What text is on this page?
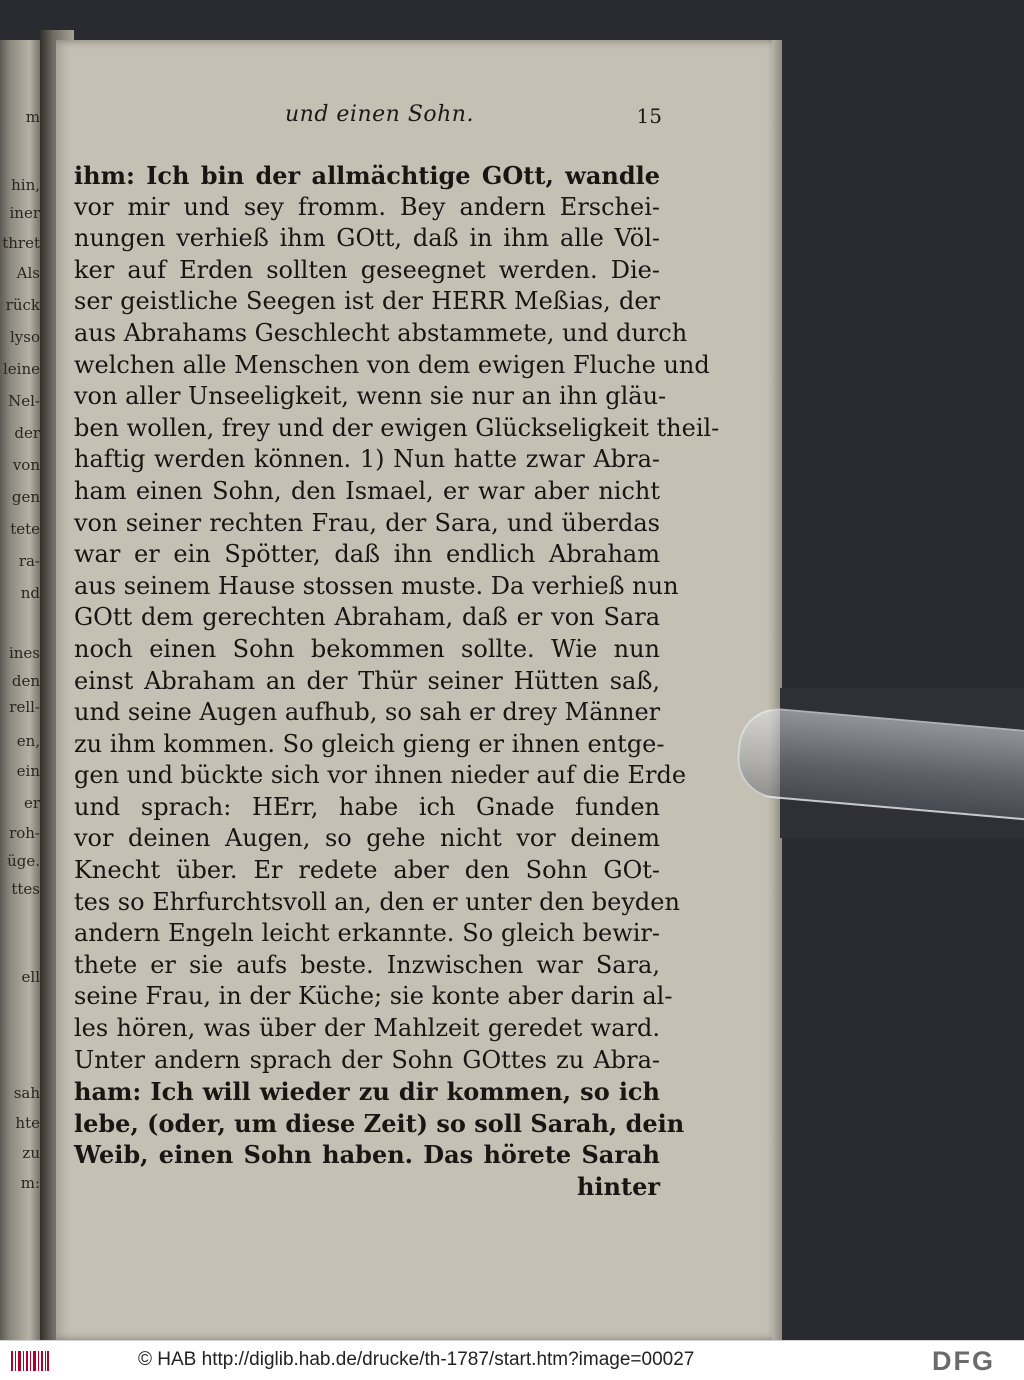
m
hin,
iner
thret
Als
rück
lyso
leine
Nel-
der
von
gen
tete
ra-
nd
ines
den
rell-
en,
ein
er
roh-
üge.
ttes
ell
sah
hte
zu
m:
und einen Sohn.	15
ihm: Ich bin der allmächtige GOtt, wandle
vor mir und sey fromm. Bey andern Erschei-
nungen verhieß ihm GOtt, daß in ihm alle Völ-
ker auf Erden sollten geseegnet werden. Die-
ser geistliche Seegen ist der HERR Meßias, der
aus Abrahams Geschlecht abstammete, und durch
welchen alle Menschen von dem ewigen Fluche und
von aller Unseeligkeit, wenn sie nur an ihn gläu-
ben wollen, frey und der ewigen Glückseligkeit theil-
haftig werden können. 1) Nun hatte zwar Abra-
ham einen Sohn, den Ismael, er war aber nicht
von seiner rechten Frau, der Sara, und überdas
war er ein Spötter, daß ihn endlich Abraham
aus seinem Hause stossen muste. Da verhieß nun
GOtt dem gerechten Abraham, daß er von Sara
noch einen Sohn bekommen sollte. Wie nun
einst Abraham an der Thür seiner Hütten saß,
und seine Augen aufhub, so sah er drey Männer
zu ihm kommen. So gleich gieng er ihnen entge-
gen und bückte sich vor ihnen nieder auf die Erde
und sprach: HErr, habe ich Gnade funden
vor deinen Augen, so gehe nicht vor deinem
Knecht über. Er redete aber den Sohn GOt-
tes so Ehrfurchtsvoll an, den er unter den beyden
andern Engeln leicht erkannte. So gleich bewir-
thete er sie aufs beste. Inzwischen war Sara,
seine Frau, in der Küche; sie konte aber darin al-
les hören, was über der Mahlzeit geredet ward.
Unter andern sprach der Sohn GOttes zu Abra-
ham: Ich will wieder zu dir kommen, so ich
lebe, (oder, um diese Zeit) so soll Sarah, dein
Weib, einen Sohn haben. Das hörete Sarah
hinter
© HAB http://diglib.hab.de/drucke/th-1787/start.htm?image=00027	DFG
